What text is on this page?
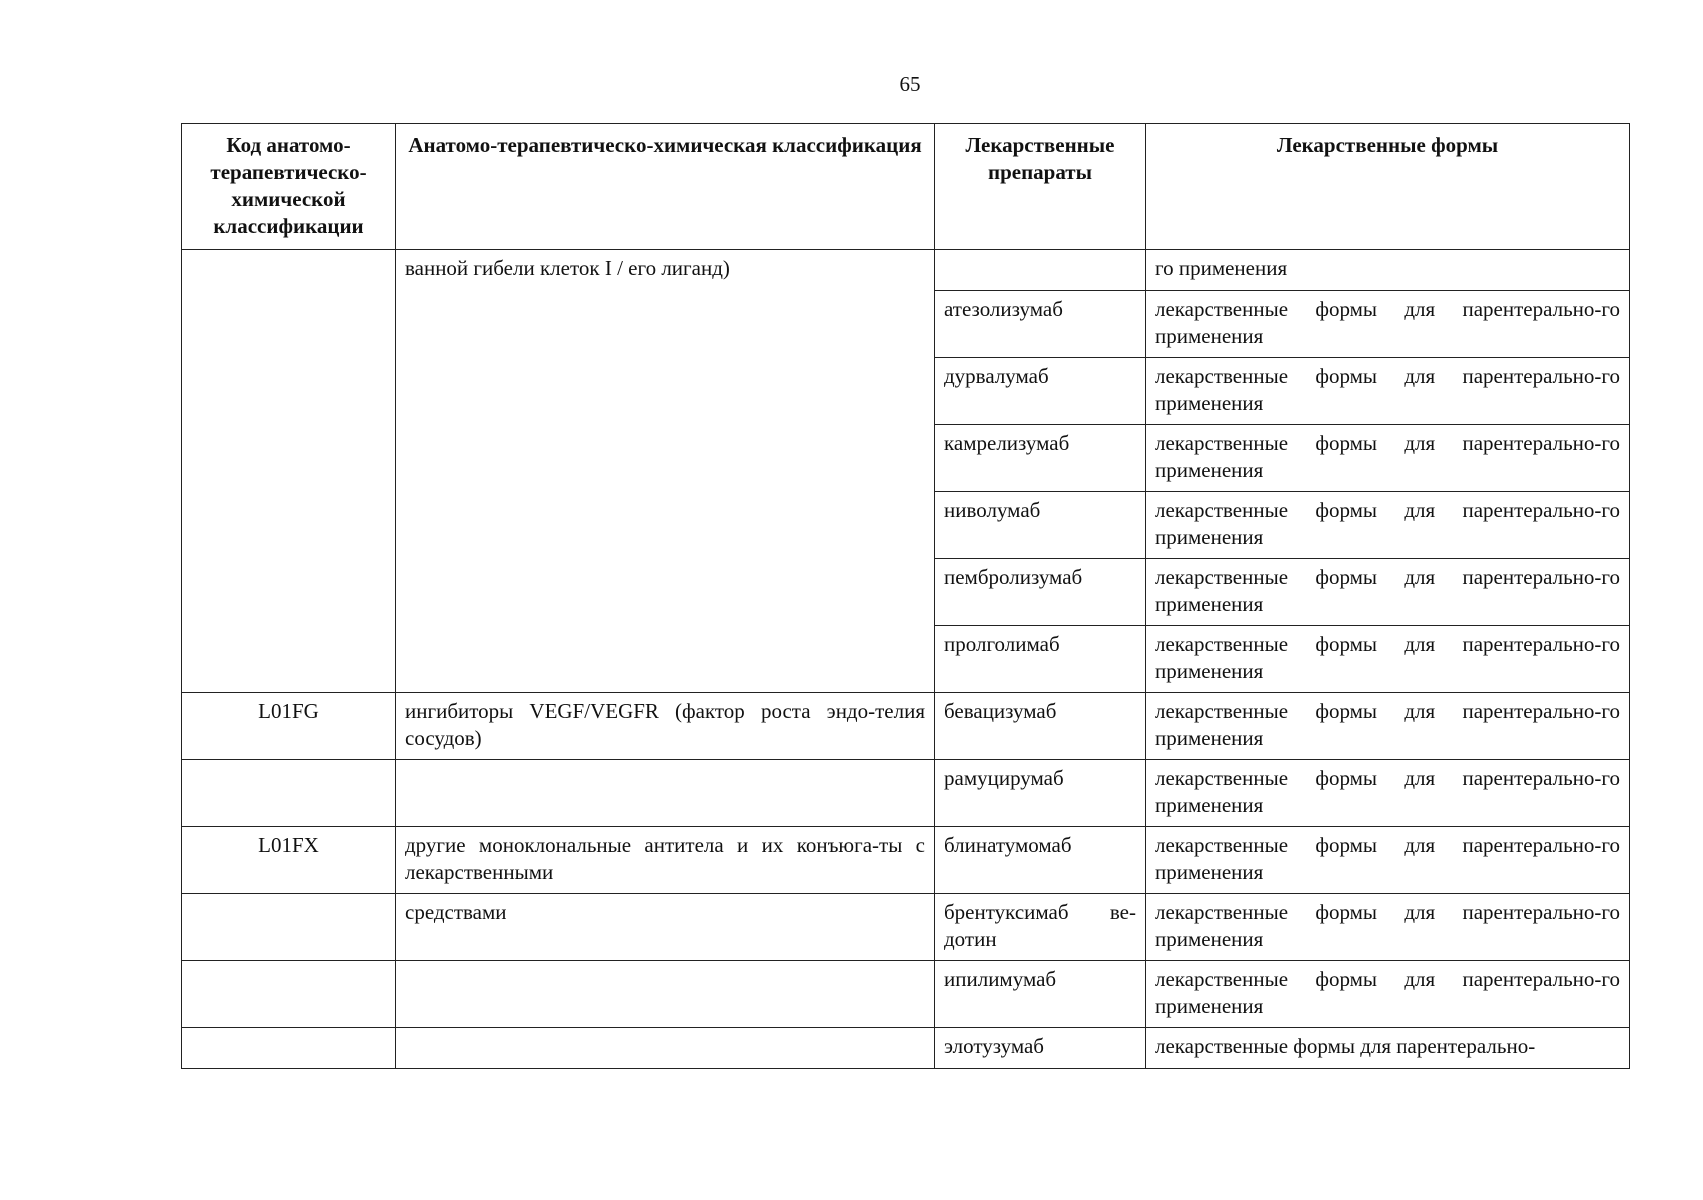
65
Код анатомо-терапевтическо-химической классификации	Анатомо-терапевтическо-химическая классификация	Лекарственные препараты	Лекарственные формы
	ванной гибели клеток I / его лиганд)		го применения
		атезолизумаб	лекарственные формы для парентерально-го применения
		дурвалумаб	лекарственные формы для парентерально-го применения
		камрелизумаб	лекарственные формы для парентерально-го применения
		ниволумаб	лекарственные формы для парентерально-го применения
		пембролизумаб	лекарственные формы для парентерально-го применения
		пролголимаб	лекарственные формы для парентерально-го применения
L01FG	ингибиторы VEGF/VEGFR (фактор роста эндо-телия сосудов)	бевацизумаб	лекарственные формы для парентерально-го применения
		рамуцирумаб	лекарственные формы для парентерально-го применения
L01FX	другие моноклональные антитела и их конъюга-ты с лекарственными	блинатумомаб	лекарственные формы для парентерально-го применения
	средствами	брентуксимаб ве-дотин	лекарственные формы для парентерально-го применения
		ипилимумаб	лекарственные формы для парентерально-го применения
		элотузумаб	лекарственные формы для парентерально-
